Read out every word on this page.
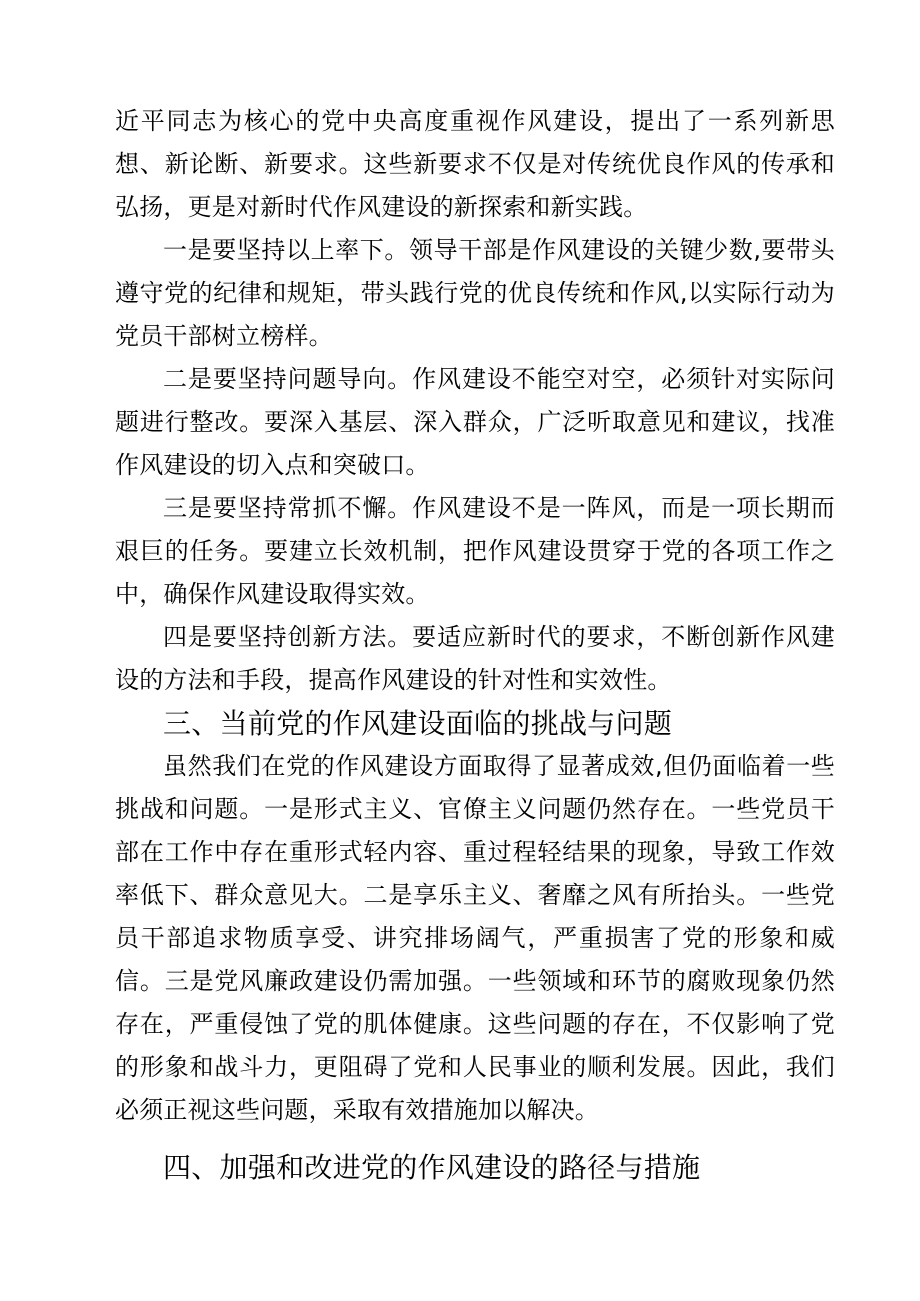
近平同志为核心的党中央高度重视作风建设，提出了一系列新思想、新论断、新要求。这些新要求不仅是对传统优良作风的传承和弘扬，更是对新时代作风建设的新探索和新实践。

一是要坚持以上率下。领导干部是作风建设的关键少数,要带头遵守党的纪律和规矩，带头践行党的优良传统和作风,以实际行动为党员干部树立榜样。

二是要坚持问题导向。作风建设不能空对空，必须针对实际问题进行整改。要深入基层、深入群众，广泛听取意见和建议，找准作风建设的切入点和突破口。

三是要坚持常抓不懈。作风建设不是一阵风，而是一项长期而艰巨的任务。要建立长效机制，把作风建设贯穿于党的各项工作之中，确保作风建设取得实效。

四是要坚持创新方法。要适应新时代的要求，不断创新作风建设的方法和手段，提高作风建设的针对性和实效性。

三、当前党的作风建设面临的挑战与问题

虽然我们在党的作风建设方面取得了显著成效,但仍面临着一些挑战和问题。一是形式主义、官僚主义问题仍然存在。一些党员干部在工作中存在重形式轻内容、重过程轻结果的现象，导致工作效率低下、群众意见大。二是享乐主义、奢靡之风有所抬头。一些党员干部追求物质享受、讲究排场阔气，严重损害了党的形象和威信。三是党风廉政建设仍需加强。一些领域和环节的腐败现象仍然存在，严重侵蚀了党的肌体健康。这些问题的存在，不仅影响了党的形象和战斗力，更阻碍了党和人民事业的顺利发展。因此，我们必须正视这些问题，采取有效措施加以解决。

四、加强和改进党的作风建设的路径与措施
